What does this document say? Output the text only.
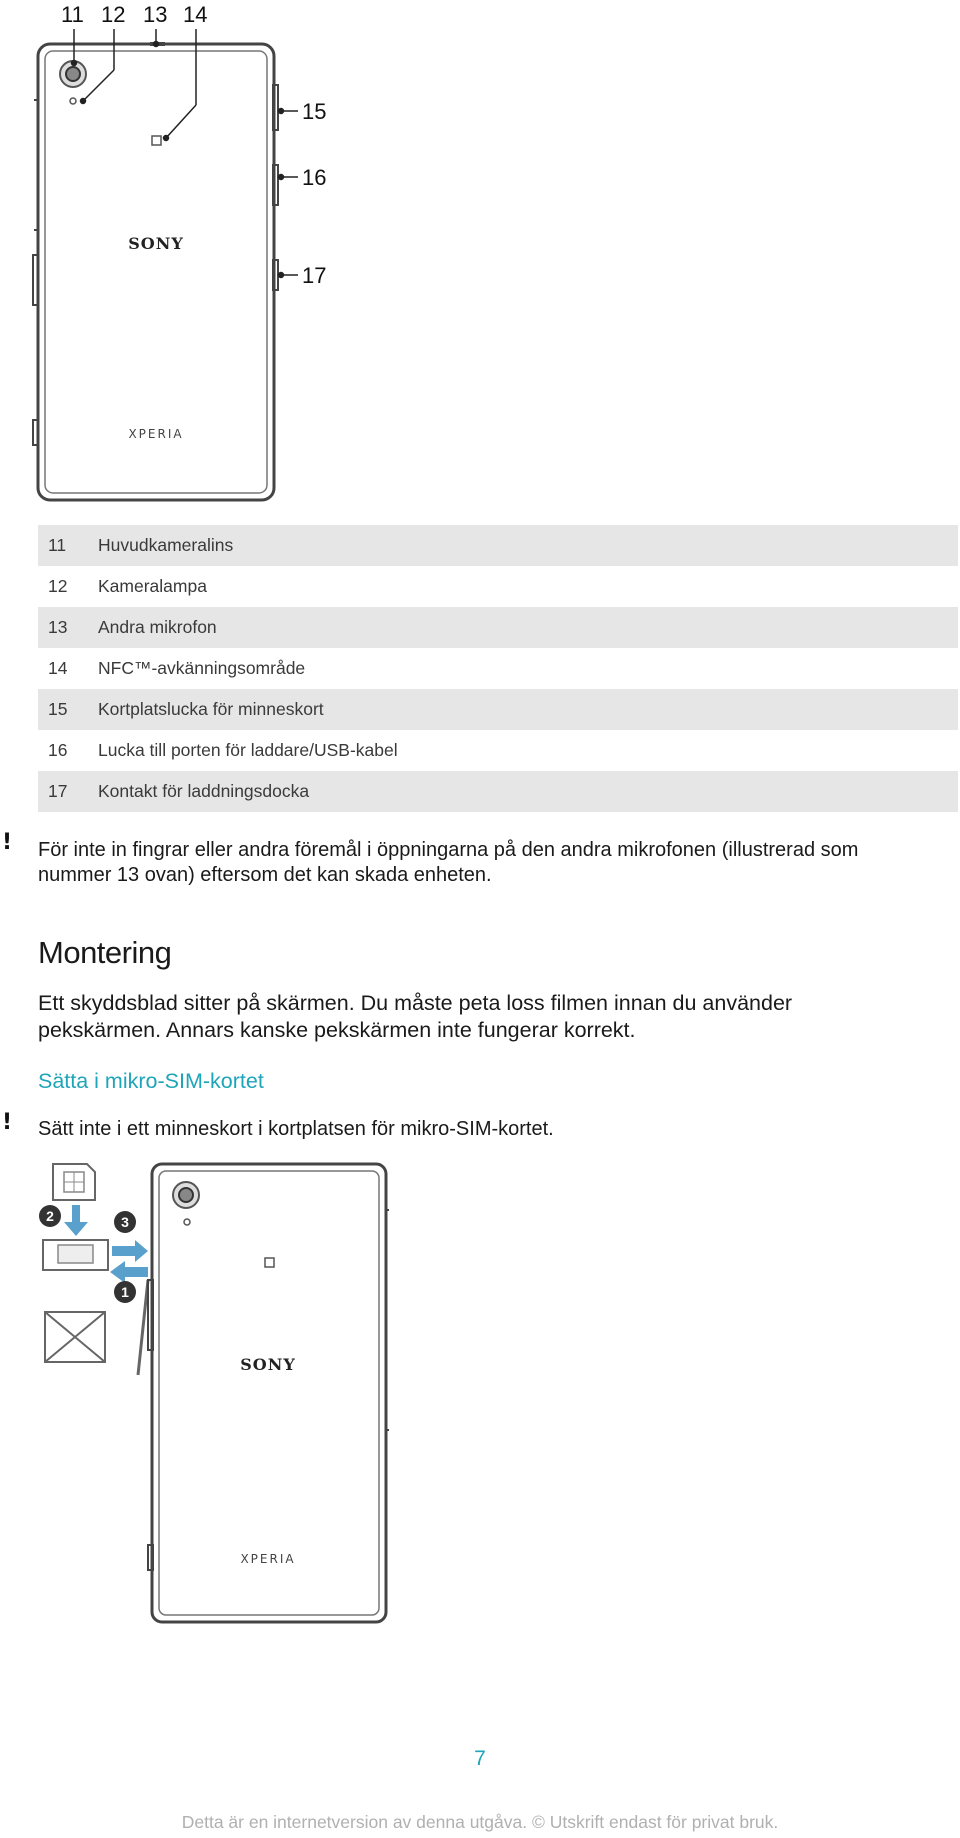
11 12 13 14
15
16
17
SONY
XPERIA
11	Huvudkameralins
12	Kameralampa
13	Andra mikrofon
14	NFC™-avkänningsområde
15	Kortplatslucka för minneskort
16	Lucka till porten för laddare/USB-kabel
17	Kontakt för laddningsdocka
! För inte in fingrar eller andra föremål i öppningarna på den andra mikrofonen (illustrerad som
nummer 13 ovan) eftersom det kan skada enheten.
Montering
Ett skyddsblad sitter på skärmen. Du måste peta loss filmen innan du använder
pekskärmen. Annars kanske pekskärmen inte fungerar korrekt.
Sätta i mikro-SIM-kortet
! Sätt inte i ett minneskort i kortplatsen för mikro-SIM-kortet.
2	3
1
SONY
XPERIA
7
Detta är en internetversion av denna utgåva. © Utskrift endast för privat bruk.
